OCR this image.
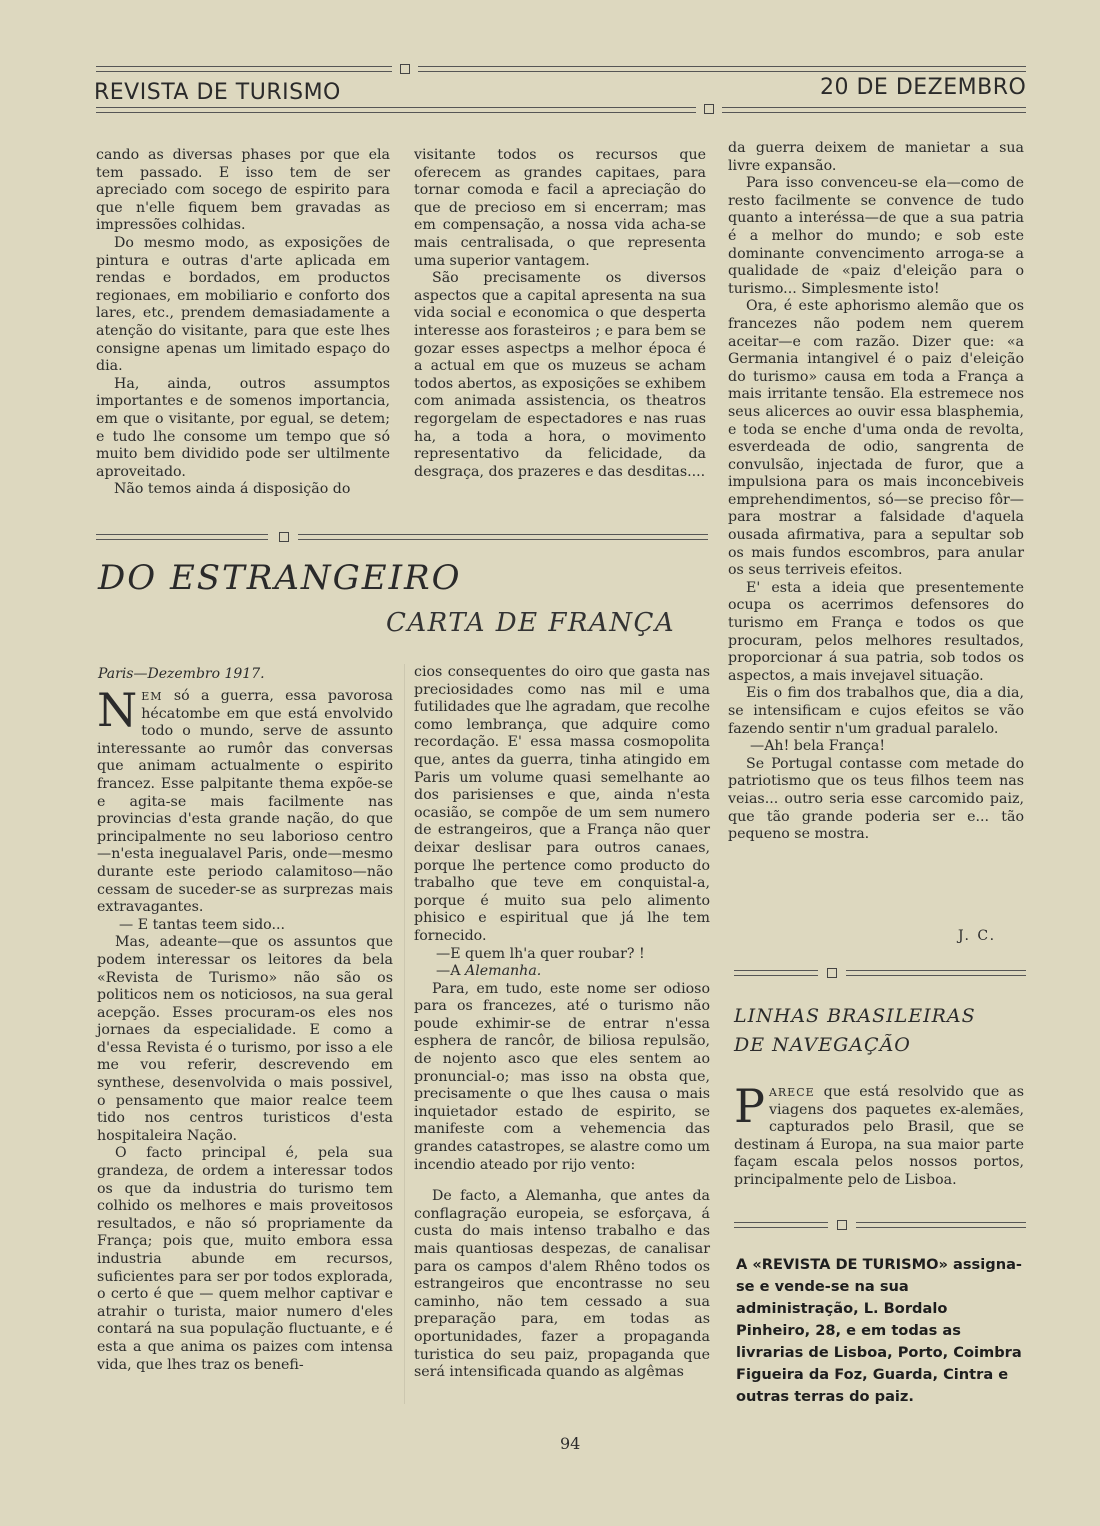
REVISTA DE TURISMO	20 DE DEZEMBRO

cando as diversas phases por que ela tem passado. E isso tem de ser apreciado com socego de espirito para que n'elle fiquem bem gravadas as impressões colhidas.

Do mesmo modo, as exposições de pintura e outras d'arte aplicada em rendas e bordados, em productos regionaes, em mobiliario e conforto dos lares, etc., prendem demasiadamente a atenção do visitante, para que este lhes consigne apenas um limitado espaço do dia.

Ha, ainda, outros assumptos importantes e de somenos importancia, em que o visitante, por egual, se detem; e tudo lhe consome um tempo que só muito bem dividido pode ser ultilmente aproveitado.

Não temos ainda á disposição do

visitante todos os recursos que oferecem as grandes capitaes, para tornar comoda e facil a apreciação do que de precioso em si encerram; mas em compensação, a nossa vida acha-se mais centralisada, o que representa uma superior vantagem.

São precisamente os diversos aspectos que a capital apresenta na sua vida social e economica o que desperta interesse aos forasteiros ; e para bem se gozar esses aspectps a melhor época é a actual em que os muzeus se acham todos abertos, as exposições se exhibem com animada assistencia, os theatros regorgelam de espectadores e nas ruas ha, a toda a hora, o movimento representativo da felicidade, da desgraça, dos prazeres e das desditas....

DO ESTRANGEIRO
CARTA DE FRANÇA
Paris—Dezembro 1917.

NEM só a guerra, essa pavorosa hécatombe em que está envolvido todo o mundo, serve de assunto interessante ao rumôr das conversas que animam actualmente o espirito francez. Esse palpitante thema expõe-se e agita-se mais facilmente nas provincias d'esta grande nação, do que principalmente no seu laborioso centro—n'esta inegualavel Paris, onde—mesmo durante este periodo calamitoso—não cessam de suceder-se as surprezas mais extravagantes.

— E tantas teem sido...

Mas, adeante—que os assuntos que podem interessar os leitores da bela «Revista de Turismo» não são os politicos nem os noticiosos, na sua geral acepção. Esses procuram-os eles nos jornaes da especialidade. E como a d'essa Revista é o turismo, por isso a ele me vou referir, descrevendo em synthese, desenvolvida o mais possivel, o pensamento que maior realce teem tido nos centros turisticos d'esta hospitaleira Nação.

O facto principal é, pela sua grandeza, de ordem a interessar todos os que da industria do turismo tem colhido os melhores e mais proveitosos resultados, e não só propriamente da França; pois que, muito embora essa industria abunde em recursos, suficientes para ser por todos explorada, o certo é que — quem melhor captivar e atrahir o turista, maior numero d'eles contará na sua população fluctuante, e é esta a que anima os paizes com intensa vida, que lhes traz os benefi-

cios consequentes do oiro que gasta nas preciosidades como nas mil e uma futilidades que lhe agradam, que recolhe como lembrança, que adquire como recordação. E' essa massa cosmopolita que, antes da guerra, tinha atingido em Paris um volume quasi semelhante ao dos parisienses e que, ainda n'esta ocasião, se compõe de um sem numero de estrangeiros, que a França não quer deixar deslisar para outros canaes, porque lhe pertence como producto do trabalho que teve em conquistal-a, porque é muito sua pelo alimento phisico e espiritual que já lhe tem fornecido.

—E quem lh'a quer roubar? !

—A Alemanha.

Para, em tudo, este nome ser odioso para os francezes, até o turismo não poude exhimir-se de entrar n'essa esphera de rancôr, de biliosa repulsão, de nojento asco que eles sentem ao pronuncial-o; mas isso na obsta que, precisamente o que lhes causa o mais inquietador estado de espirito, se manifeste com a vehemencia das grandes catastropes, se alastre como um incendio ateado por rijo vento:

De facto, a Alemanha, que antes da conflagração europeia, se esforçava, á custa do mais intenso trabalho e das mais quantiosas despezas, de canalisar para os campos d'alem Rhêno todos os estrangeiros que encontrasse no seu caminho, não tem cessado a sua preparação para, em todas as oportunidades, fazer a propaganda turistica do seu paiz, propaganda que será intensificada quando as algêmas

da guerra deixem de manietar a sua livre expansão.

Para isso convenceu-se ela—como de resto facilmente se convence de tudo quanto a interéssa—de que a sua patria é a melhor do mundo; e sob este dominante convencimento arroga-se a qualidade de «paiz d'eleição para o turismo... Simplesmente isto!

Ora, é este aphorismo alemão que os francezes não podem nem querem aceitar—e com razão. Dizer que: «a Germania intangivel é o paiz d'eleição do turismo» causa em toda a França a mais irritante tensão. Ela estremece nos seus alicerces ao ouvir essa blasphemia, e toda se enche d'uma onda de revolta, esverdeada de odio, sangrenta de convulsão, injectada de furor, que a impulsiona para os mais inconcebiveis emprehendimentos, só—se preciso fôr—para mostrar a falsidade d'aquela ousada afirmativa, para a sepultar sob os mais fundos escombros, para anular os seus terriveis efeitos.

E' esta a ideia que presentemente ocupa os acerrimos defensores do turismo em França e todos os que procuram, pelos melhores resultados, proporcionar á sua patria, sob todos os aspectos, a mais invejavel situação.

Eis o fim dos trabalhos que, dia a dia, se intensificam e cujos efeitos se vão fazendo sentir n'um gradual paralelo.

—Ah! bela França!

Se Portugal contasse com metade do patriotismo que os teus filhos teem nas veias... outro seria esse carcomido paiz, que tão grande poderia ser e... tão pequeno se mostra.

J. C.
LINHAS BRASILEIRAS
DE NAVEGAÇÃO

PARECE que está resolvido que as viagens dos paquetes ex-alemães, capturados pelo Brasil, que se destinam á Europa, na sua maior parte façam escala pelos nossos portos, principalmente pelo de Lisboa.

A «REVISTA DE TURISMO» assigna-se e vende-se na sua administração, L. Bordalo Pinheiro, 28, e em todas as livrarias de Lisboa, Porto, Coimbra Figueira da Foz, Guarda, Cintra e outras terras do paiz.
94
